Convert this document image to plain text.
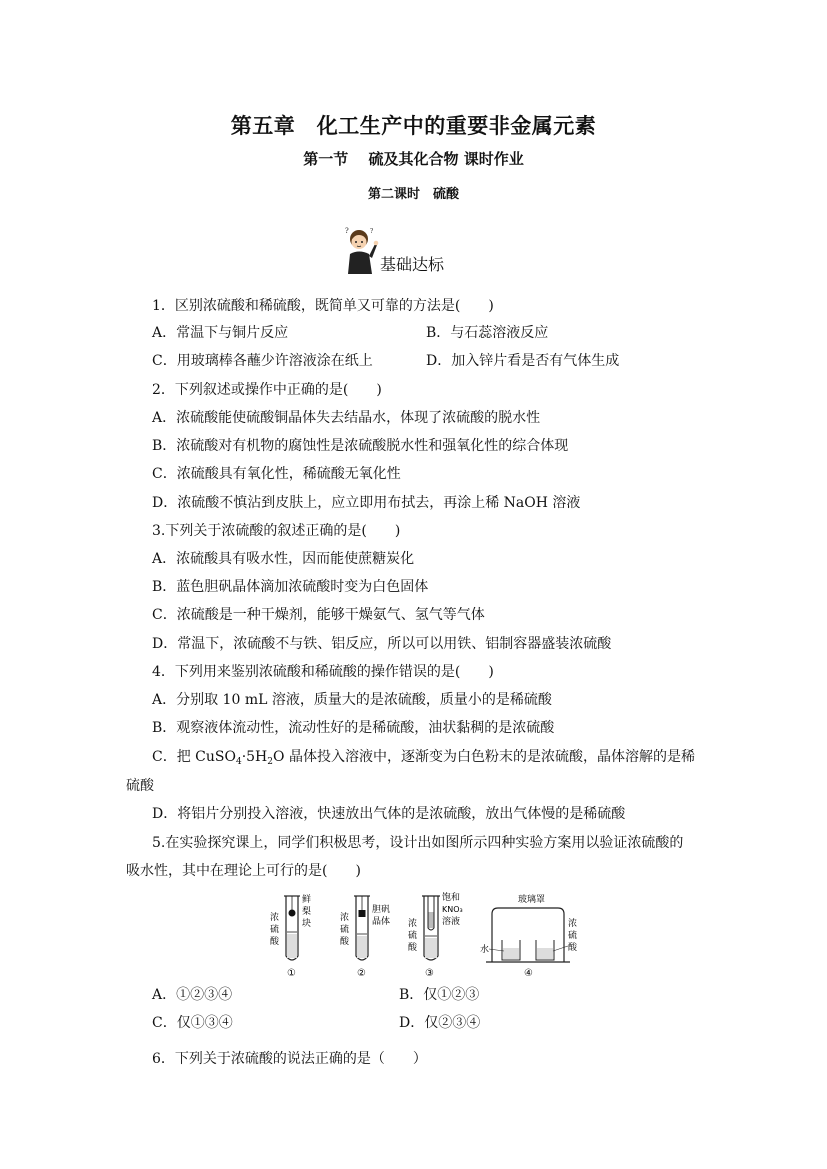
第五章　化工生产中的重要非金属元素
第一节　 硫及其化合物 课时作业
第二课时　硫酸
?	?
基础达标
1．区别浓硫酸和稀硫酸，既简单又可靠的方法是(　　)
A．常温下与铜片反应	B．与石蕊溶液反应
C．用玻璃棒各蘸少许溶液涂在纸上	D．加入锌片看是否有气体生成
2．下列叙述或操作中正确的是(　　)
A．浓硫酸能使硫酸铜晶体失去结晶水，体现了浓硫酸的脱水性
B．浓硫酸对有机物的腐蚀性是浓硫酸脱水性和强氧化性的综合体现
C．浓硫酸具有氧化性，稀硫酸无氧化性
D．浓硫酸不慎沾到皮肤上，应立即用布拭去，再涂上稀 NaOH 溶液
3.下列关于浓硫酸的叙述正确的是(　　)
A．浓硫酸具有吸水性，因而能使蔗糖炭化
B．蓝色胆矾晶体滴加浓硫酸时变为白色固体
C．浓硫酸是一种干燥剂，能够干燥氨气、氢气等气体
D．常温下，浓硫酸不与铁、铝反应，所以可以用铁、铝制容器盛装浓硫酸
4．下列用来鉴别浓硫酸和稀硫酸的操作错误的是(　　)
A．分别取 10 mL 溶液，质量大的是浓硫酸，质量小的是稀硫酸
B．观察液体流动性，流动性好的是稀硫酸，油状黏稠的是浓硫酸
C．把 $CuSO_4\cdot 5H_2O$ 晶体投入溶液中，逐渐变为白色粉末的是浓硫酸，晶体溶解的是稀
硫酸
D．将铝片分别投入溶液，快速放出气体的是浓硫酸，放出气体慢的是稀硫酸
5.在实验探究课上，同学们积极思考，设计出如图所示四种实验方案用以验证浓硫酸的
吸水性，其中在理论上可行的是(　　)
浓
硫
酸
鲜
梨
块
①
浓
硫
酸
胆矾
晶体
②
浓
硫
酸
饱和
KNO₃
溶液
③
玻璃罩
水
浓
硫
酸
④
A．①②③④	B．仅①②③
C．仅①③④	D．仅②③④
6．下列关于浓硫酸的说法正确的是（　　）
